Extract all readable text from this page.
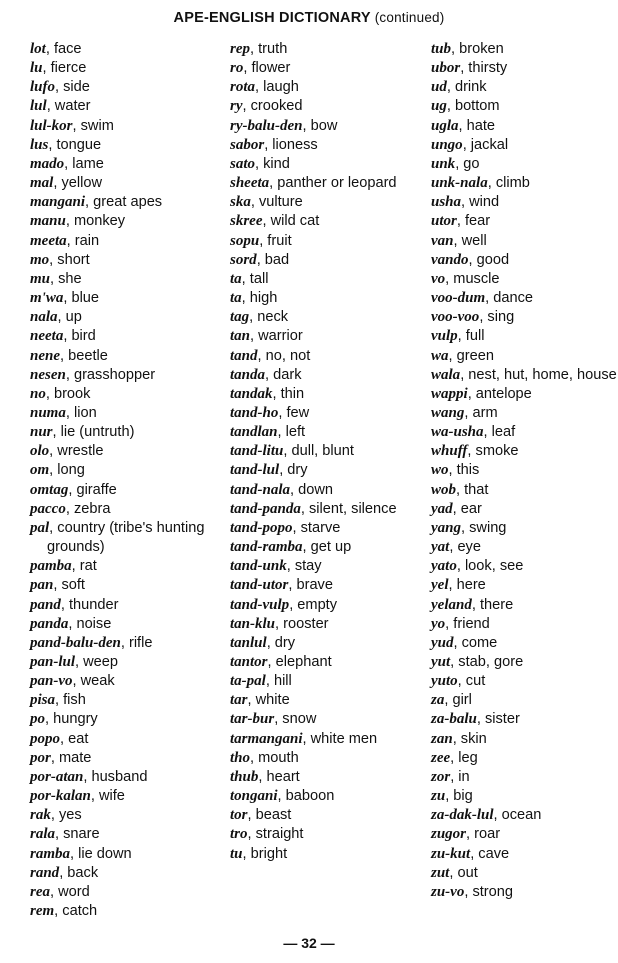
APE-ENGLISH DICTIONARY (continued)
lot, face
lu, fierce
lufo, side
lul, water
lul-kor, swim
lus, tongue
mado, lame
mal, yellow
mangani, great apes
manu, monkey
meeta, rain
mo, short
mu, she
m'wa, blue
nala, up
neeta, bird
nene, beetle
nesen, grasshopper
no, brook
numa, lion
nur, lie (untruth)
olo, wrestle
om, long
omtag, giraffe
pacco, zebra
pal, country (tribe's hunting grounds)
pamba, rat
pan, soft
pand, thunder
panda, noise
pand-balu-den, rifle
pan-lul, weep
pan-vo, weak
pisa, fish
po, hungry
popo, eat
por, mate
por-atan, husband
por-kalan, wife
rak, yes
rala, snare
ramba, lie down
rand, back
rea, word
rem, catch
rep, truth
ro, flower
rota, laugh
ry, crooked
ry-balu-den, bow
sabor, lioness
sato, kind
sheeta, panther or leopard
ska, vulture
skree, wild cat
sopu, fruit
sord, bad
ta, tall
ta, high
tag, neck
tan, warrior
tand, no, not
tanda, dark
tandak, thin
tand-ho, few
tandlan, left
tand-litu, dull, blunt
tand-lul, dry
tand-nala, down
tand-panda, silent, silence
tand-popo, starve
tand-ramba, get up
tand-unk, stay
tand-utor, brave
tand-vulp, empty
tan-klu, rooster
tanlul, dry
tantor, elephant
ta-pal, hill
tar, white
tar-bur, snow
tarmangani, white men
tho, mouth
thub, heart
tongani, baboon
tor, beast
tro, straight
tu, bright
tub, broken
ubor, thirsty
ud, drink
ug, bottom
ugla, hate
ungo, jackal
unk, go
unk-nala, climb
usha, wind
utor, fear
van, well
vando, good
vo, muscle
voo-dum, dance
voo-voo, sing
vulp, full
wa, green
wala, nest, hut, home, house
wappi, antelope
wang, arm
wa-usha, leaf
whuff, smoke
wo, this
wob, that
yad, ear
yang, swing
yat, eye
yato, look, see
yel, here
yeland, there
yo, friend
yud, come
yut, stab, gore
yuto, cut
za, girl
za-balu, sister
zan, skin
zee, leg
zor, in
zu, big
za-dak-lul, ocean
zugor, roar
zu-kut, cave
zut, out
zu-vo, strong
— 32 —
